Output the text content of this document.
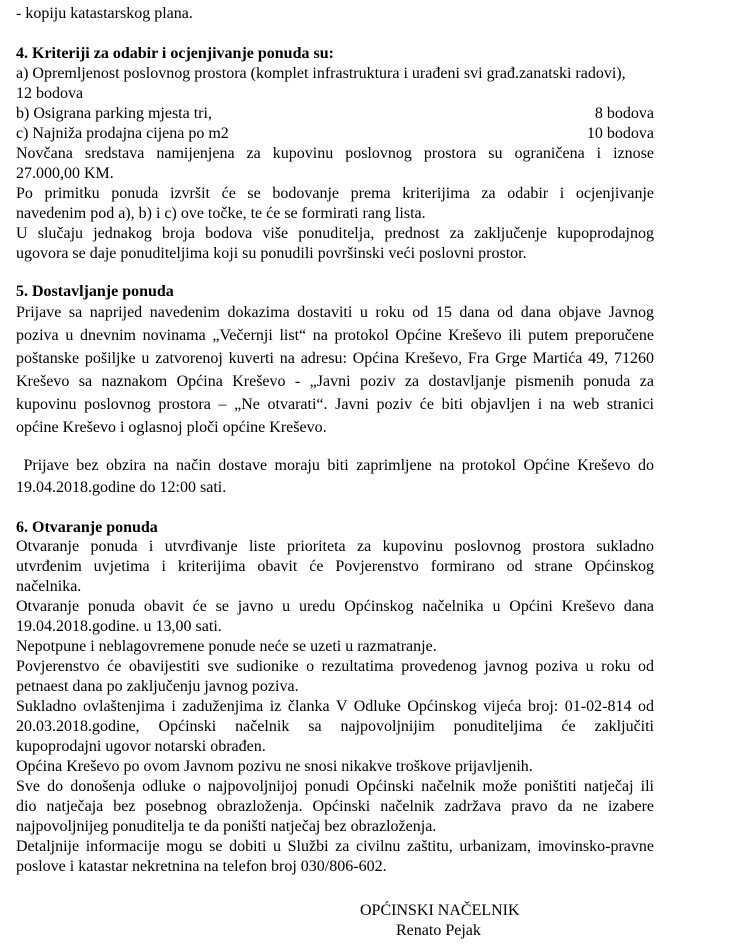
- kopiju katastarskog plana.
4. Kriteriji za odabir i ocjenjivanje ponuda su:
a) Opremljenost poslovnog prostora (komplet infrastruktura i urađeni svi građ.zanatski radovi),
12 bodova
b) Osigrana parking mjesta tri,	8 bodova
c) Najniža prodajna cijena po m2	10 bodova
Novčana sredstava namijenjena za kupovinu poslovnog prostora su ograničena i iznose
27.000,00 KM.
Po primitku ponuda izvršit će se bodovanje prema kriterijima za odabir i ocjenjivanje
navedenim pod a), b) i c) ove točke, te će se formirati rang lista.
U slučaju jednakog broja bodova više ponuditelja, prednost za zaključenje kupoprodajnog
ugovora se daje ponuditeljima koji su ponudili površinski veći poslovni prostor.
5. Dostavljanje ponuda
Prijave sa naprijed navedenim dokazima dostaviti u roku od 15 dana od dana objave Javnog
poziva u dnevnim novinama „Večernji list“ na protokol Općine Kreševo ili putem preporučene
poštanske pošiljke u zatvorenoj kuverti na adresu: Općina Kreševo, Fra Grge Martića 49, 71260
Kreševo sa naznakom Općina Kreševo - „Javni poziv za dostavljanje pismenih ponuda za
kupovinu poslovnog prostora – „Ne otvarati“. Javni poziv će biti objavljen i na web stranici
općine Kreševo i oglasnoj ploči općine Kreševo.
Prijave bez obzira na način dostave moraju biti zaprimljene na protokol Općine Kreševo do
19.04.2018.godine do 12:00 sati.
6. Otvaranje ponuda
Otvaranje ponuda i utvrđivanje liste prioriteta za kupovinu poslovnog prostora sukladno
utvrđenim uvjetima i kriterijima obavit će Povjerenstvo formirano od strane Općinskog
načelnika.
Otvaranje ponuda obavit će se javno u uredu Općinskog načelnika u Općini Kreševo dana
19.04.2018.godine. u 13,00 sati.
Nepotpune i neblagovremene ponude neće se uzeti u razmatranje.
Povjerenstvo će obavijestiti sve sudionike o rezultatima provedenog javnog poziva u roku od
petnaest dana po zaključenju javnog poziva.
Sukladno ovlaštenjima i zaduženjima iz članka V Odluke Općinskog vijeća broj: 01-02-814 od
20.03.2018.godine, Općinski načelnik sa najpovoljnijim ponuditeljima će zaključiti
kupoprodajni ugovor notarski obrađen.
Općina Kreševo po ovom Javnom pozivu ne snosi nikakve troškove prijavljenih.
Sve do donošenja odluke o najpovoljnijoj ponudi Općinski načelnik može poništiti natječaj ili
dio natječaja bez posebnog obrazloženja. Općinski načelnik zadržava pravo da ne izabere
najpovoljnijeg ponuditelja te da poništi natječaj bez obrazloženja.
Detaljnije informacije mogu se dobiti u Službi za civilnu zaštitu, urbanizam, imovinsko-pravne
poslove i katastar nekretnina na telefon broj 030/806-602.
OPĆINSKI NAČELNIK
Renato Pejak
